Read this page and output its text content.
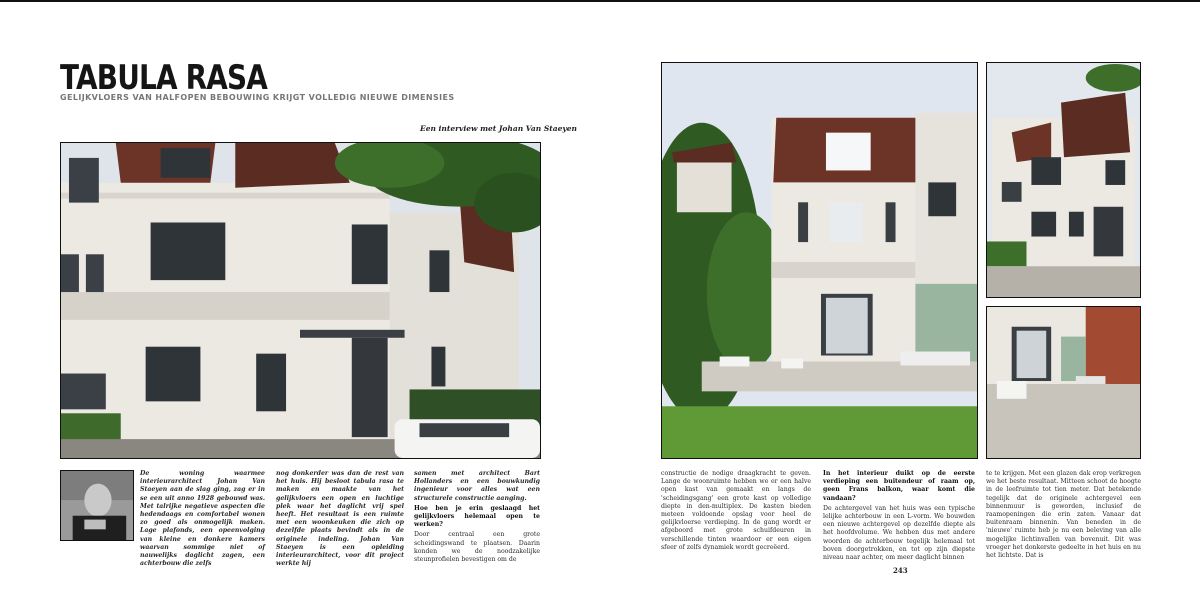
TABULA RASA
GELIJKVLOERS VAN HALFOPEN BEBOUWING KRIJGT VOLLEDIG NIEUWE DIMENSIES
Een interview met Johan Van Staeyen

De woning waarmee interieurarchitect Johan Van Staeyen aan de slag ging, zag er in se een uit anno 1928 gebouwd was. Met talrijke negatieve aspecten die hedendaags en comfortabel wonen zo goed als onmogelijk maken. Lage plafonds, een opeenvolging van kleine en donkere kamers waarvan sommige niet of nauwelijks daglicht zagen, een achterbouw die zelfs

nog donkerder was dan de rest van het huis. Hij besloot tabula rasa te maken en maakte van het gelijkvloers een open en luchtige plek waar het daglicht vrij spel heeft. Het resultaat is een ruimte met een woonkeuken die zich op dezelfde plaats bevindt als in de originele indeling. Johan Van Staeyen is een opleiding interieurarchitect, voor dit project werkte hij

samen met architect Bart Hollanders en een bouwkundig ingenieur voor alles wat een structurele constructie aanging.

Hoe ben je erin geslaagd het gelijkvloers helemaal open te werken?

Door centraal een grote scheidingswand te plaatsen. Daarin konden we de noodzakelijke steunprofielen bevestigen om de

constructie de nodige draagkracht te geven. Lange de woonruimte hebben we er een halve open kast van gemaakt en langs de 'scheidingsgang' een grote kast op volledige diepte in den-multiplex. De kasten bieden meteen voldoende opslag voor heel de gelijkvloerse verdieping. In de gang wordt er afgeboord met grote schuifdeuren in verschillende tinten waardoor er een eigen sfeer of zelfs dynamiek wordt gecreëerd.

In het interieur duikt op de eerste verdieping een buitendeur of raam op, geen Frans balkon, waar komt die vandaan?

De achtergevel van het huis was een typische lelijke achterbouw in een L-vorm. We bouwden een nieuwe achtergevel op dezelfde diepte als het hoofdvolume. We hebben dus met andere woorden de achterbouw tegelijk helemaal tot boven doorgetrokken, en tot op zijn diepste niveau naar achter, om meer daglicht binnen

te te krijgen. Met een glazen dak erop verkregen we het beste resultaat. Mitteen schoot de hoogte in de leefruimte tot tien meter. Dat betekende tegelijk dat de originele achtergevel een binnenmuur is geworden, inclusief de raamopeningen die erin zaten. Vanaar dat buitenraam binnenin. Van beneden in de 'nieuwe' ruimte heb je nu een beleving van alle mogelijke lichtinvallen van bovenuit. Dit was vroeger het donkerste gedeelte in het huis en nu het lichtste. Dat is

243
